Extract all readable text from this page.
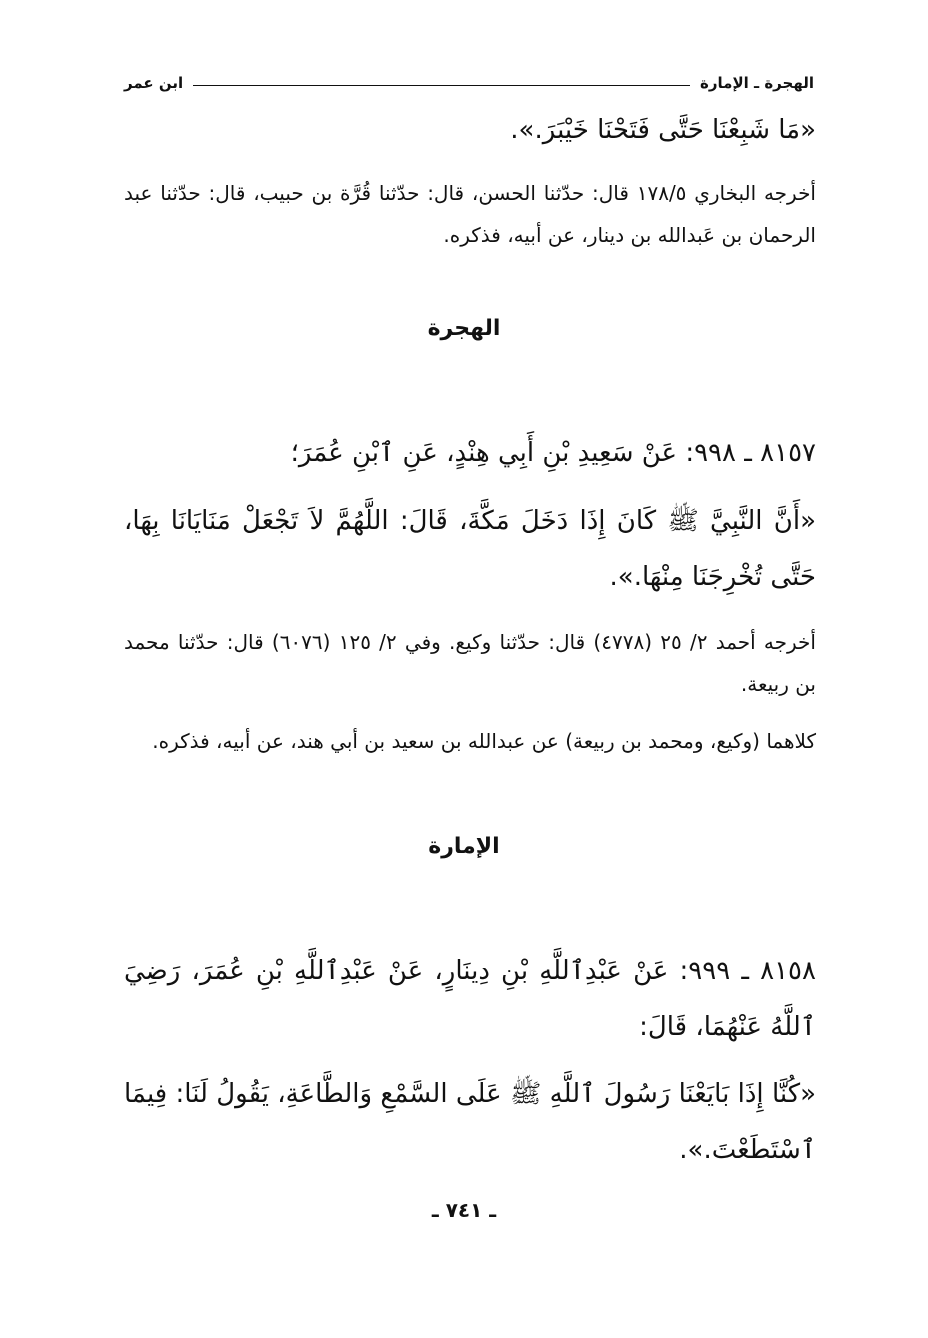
الهجرة ـ الإمارة
ابن عمر
«مَا شَبِعْنَا حَتَّى فَتَحْنَا خَيْبَرَ.».
أخرجه البخاري ١٧٨/٥ قال: حدّثنا الحسن، قال: حدّثنا قُرَّة بن حبيب، قال: حدّثنا عبد الرحمان بن عَبدالله بن دينار، عن أبيه، فذكره.
الهجرة
٨١٥٧ ـ ٩٩٨: عَنْ سَعِيدِ بْنِ أَبِي هِنْدٍ، عَنِ ٱبْنِ عُمَرَ؛
«أَنَّ النَّبِيَّ ﷺ كَانَ إِذَا دَخَلَ مَكَّةَ، قَالَ: اللَّهُمَّ لاَ تَجْعَلْ مَنَايَانَا بِهَا، حَتَّى تُخْرِجَنَا مِنْهَا.».
أخرجه أحمد ٢/ ٢٥ (٤٧٧٨) قال: حدّثنا وكيع. وفي ٢/ ١٢٥ (٦٠٧٦) قال: حدّثنا محمد بن ربيعة.
كلاهما (وكيع، ومحمد بن ربيعة) عن عبدالله بن سعيد بن أبي هند، عن أبيه، فذكره.
الإمارة
٨١٥٨ ـ ٩٩٩: عَنْ عَبْدِٱللَّهِ بْنِ دِينَارٍ، عَنْ عَبْدِٱللَّهِ بْنِ عُمَرَ، رَضِيَ ٱللَّهُ عَنْهُمَا، قَالَ:
«كُنَّا إِذَا بَايَعْنَا رَسُولَ ٱللَّهِ ﷺ عَلَى السَّمْعِ وَالطَّاعَةِ، يَقُولُ لَنَا: فِيمَا ٱسْتَطَعْتَ.».
ـ ٧٤١ ـ
